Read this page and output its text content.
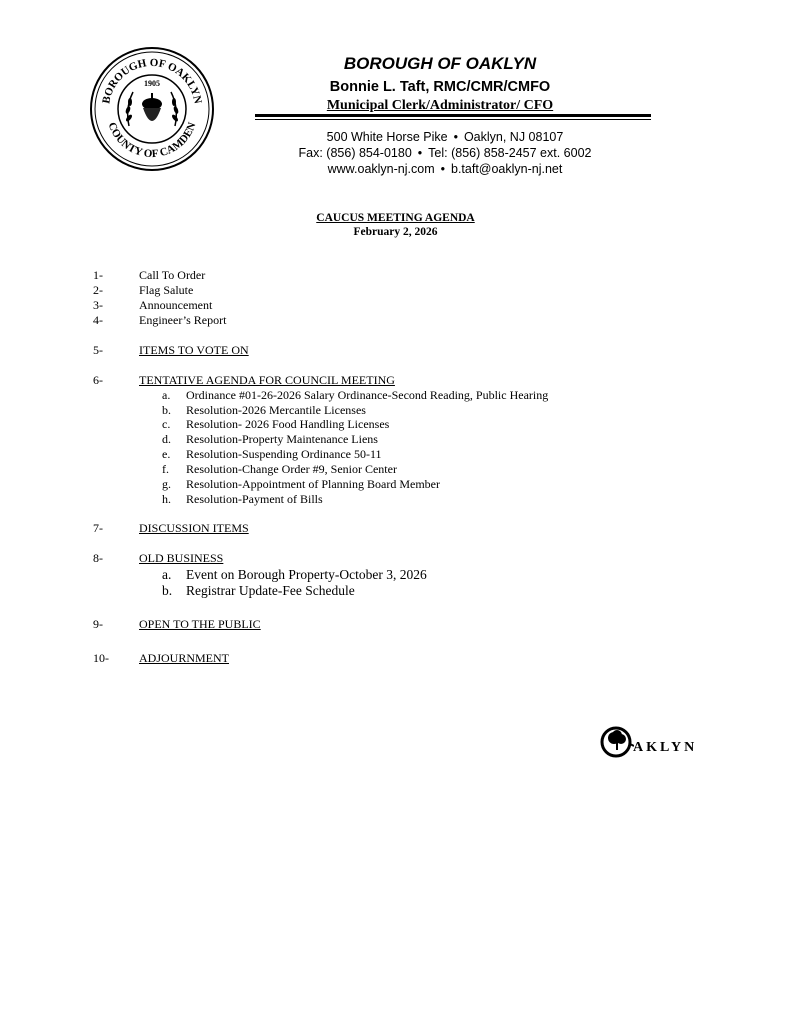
BOROUGH OF OAKLYN
COUNTY OF CAMDEN
1905
BOROUGH OF OAKLYN
Bonnie L. Taft, RMC/CMR/CMFO
Municipal Clerk/Administrator/ CFO
500 White Horse Pike • Oaklyn, NJ 08107
Fax: (856) 854-0180 • Tel: (856) 858-2457 ext. 6002
www.oaklyn-nj.com • b.taft@oaklyn-nj.net
CAUCUS MEETING AGENDA
February 2, 2026
1-	Call To Order
2-	Flag Salute
3-	Announcement
4-	Engineer’s Report
5-	ITEMS TO VOTE ON
6-	TENTATIVE AGENDA FOR COUNCIL MEETING
a. Ordinance #01-26-2026 Salary Ordinance-Second Reading, Public Hearing
b. Resolution-2026 Mercantile Licenses
c. Resolution- 2026 Food Handling Licenses
d. Resolution-Property Maintenance Liens
e. Resolution-Suspending Ordinance 50-11
f. Resolution-Change Order #9, Senior Center
g. Resolution-Appointment of Planning Board Member
h. Resolution-Payment of Bills
7-	DISCUSSION ITEMS
8-	OLD BUSINESS
a. Event on Borough Property-October 3, 2026
b. Registrar Update-Fee Schedule
9-	OPEN TO THE PUBLIC
10-	ADJOURNMENT
AKLYN
